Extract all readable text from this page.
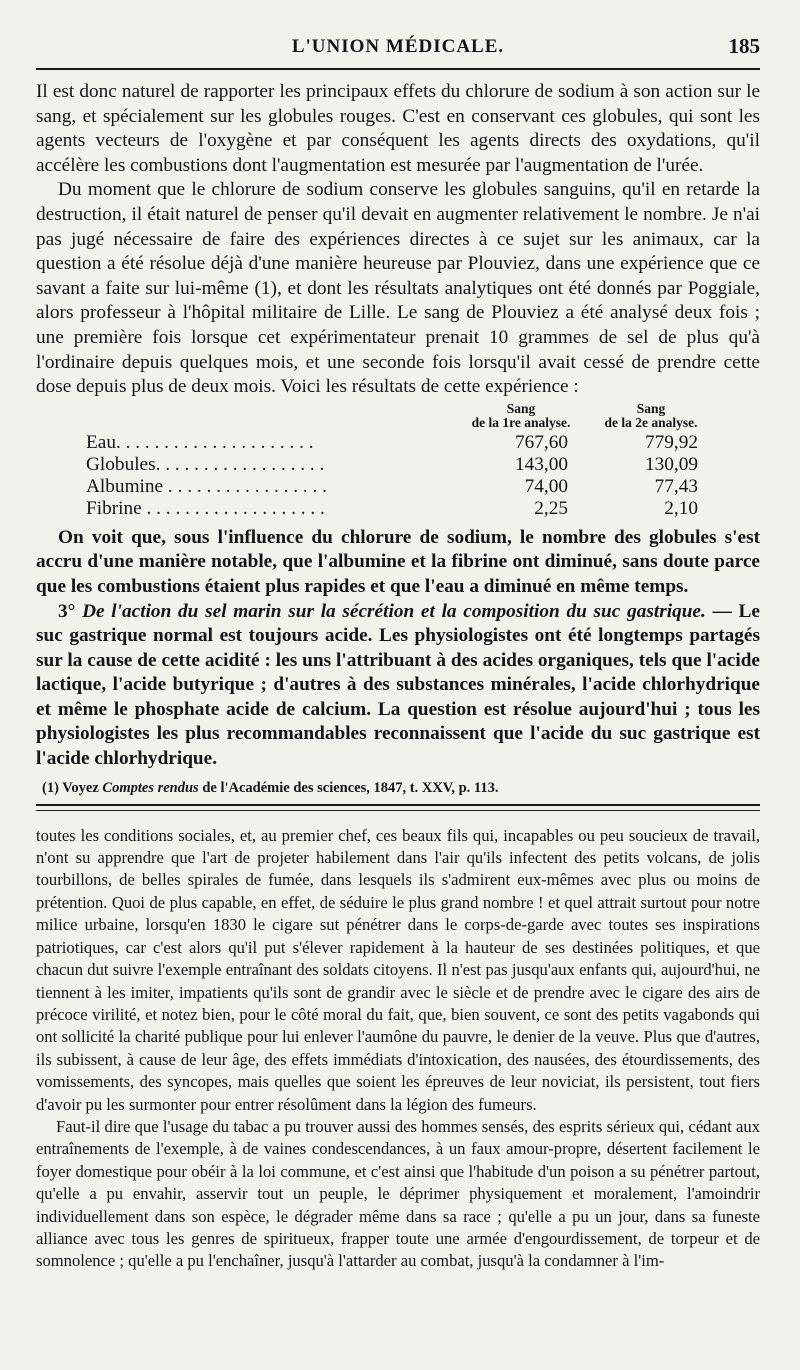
L'UNION MÉDICALE.	185

Il est donc naturel de rapporter les principaux effets du chlorure de sodium à son action sur le sang, et spécialement sur les globules rouges. C'est en conservant ces globules, qui sont les agents vecteurs de l'oxygène et par conséquent les agents directs des oxydations, qu'il accélère les combustions dont l'augmentation est mesurée par l'augmentation de l'urée.

Du moment que le chlorure de sodium conserve les globules sanguins, qu'il en retarde la destruction, il était naturel de penser qu'il devait en augmenter relativement le nombre. Je n'ai pas jugé nécessaire de faire des expériences directes à ce sujet sur les animaux, car la question a été résolue déjà d'une manière heureuse par Plouviez, dans une expérience que ce savant a faite sur lui-même (1), et dont les résultats analytiques ont été donnés par Poggiale, alors professeur à l'hôpital militaire de Lille. Le sang de Plouviez a été analysé deux fois ; une première fois lorsque cet expérimentateur prenait 10 grammes de sel de plus qu'à l'ordinaire depuis quelques mois, et une seconde fois lorsqu'il avait cessé de prendre cette dose depuis plus de deux mois. Voici les résultats de cette expérience :

Sang
de la 1re analyse.
Sang
de la 2e analyse.
Eau. . . . . . . . . . . . . . . . . . . . .	767,60	779,92
Globules. . . . . . . . . . . . . . . . . .	143,00	130,09
Albumine . . . . . . . . . . . . . . . . .	74,00	77,43
Fibrine . . . . . . . . . . . . . . . . . . .	2,25	2,10

On voit que, sous l'influence du chlorure de sodium, le nombre des globules s'est accru d'une manière notable, que l'albumine et la fibrine ont diminué, sans doute parce que les combustions étaient plus rapides et que l'eau a diminué en même temps.

3° De l'action du sel marin sur la sécrétion et la composition du suc gastrique. — Le suc gastrique normal est toujours acide. Les physiologistes ont été longtemps partagés sur la cause de cette acidité : les uns l'attribuant à des acides organiques, tels que l'acide lactique, l'acide butyrique ; d'autres à des substances minérales, l'acide chlorhydrique et même le phosphate acide de calcium. La question est résolue aujourd'hui ; tous les physiologistes les plus recommandables reconnaissent que l'acide du suc gastrique est l'acide chlorhydrique.

(1) Voyez Comptes rendus de l'Académie des sciences, 1847, t. XXV, p. 113.

toutes les conditions sociales, et, au premier chef, ces beaux fils qui, incapables ou peu soucieux de travail, n'ont su apprendre que l'art de projeter habilement dans l'air qu'ils infectent des petits volcans, de jolis tourbillons, de belles spirales de fumée, dans lesquels ils s'admirent eux-mêmes avec plus ou moins de prétention. Quoi de plus capable, en effet, de séduire le plus grand nombre ! et quel attrait surtout pour notre milice urbaine, lorsqu'en 1830 le cigare sut pénétrer dans le corps-de-garde avec toutes ses inspirations patriotiques, car c'est alors qu'il put s'élever rapidement à la hauteur de ses destinées politiques, et que chacun dut suivre l'exemple entraînant des soldats citoyens. Il n'est pas jusqu'aux enfants qui, aujourd'hui, ne tiennent à les imiter, impatients qu'ils sont de grandir avec le siècle et de prendre avec le cigare des airs de précoce virilité, et notez bien, pour le côté moral du fait, que, bien souvent, ce sont des petits vagabonds qui ont sollicité la charité publique pour lui enlever l'aumône du pauvre, le denier de la veuve. Plus que d'autres, ils subissent, à cause de leur âge, des effets immédiats d'intoxication, des nausées, des étourdissements, des vomissements, des syncopes, mais quelles que soient les épreuves de leur noviciat, ils persistent, tout fiers d'avoir pu les surmonter pour entrer résolûment dans la légion des fumeurs.

Faut-il dire que l'usage du tabac a pu trouver aussi des hommes sensés, des esprits sérieux qui, cédant aux entraînements de l'exemple, à de vaines condescendances, à un faux amour-propre, désertent facilement le foyer domestique pour obéir à la loi commune, et c'est ainsi que l'habitude d'un poison a su pénétrer partout, qu'elle a pu envahir, asservir tout un peuple, le déprimer physiquement et moralement, l'amoindrir individuellement dans son espèce, le dégrader même dans sa race ; qu'elle a pu un jour, dans sa funeste alliance avec tous les genres de spiritueux, frapper toute une armée d'engourdissement, de torpeur et de somnolence ; qu'elle a pu l'enchaîner, jusqu'à l'attarder au combat, jusqu'à la condamner à l'im-
